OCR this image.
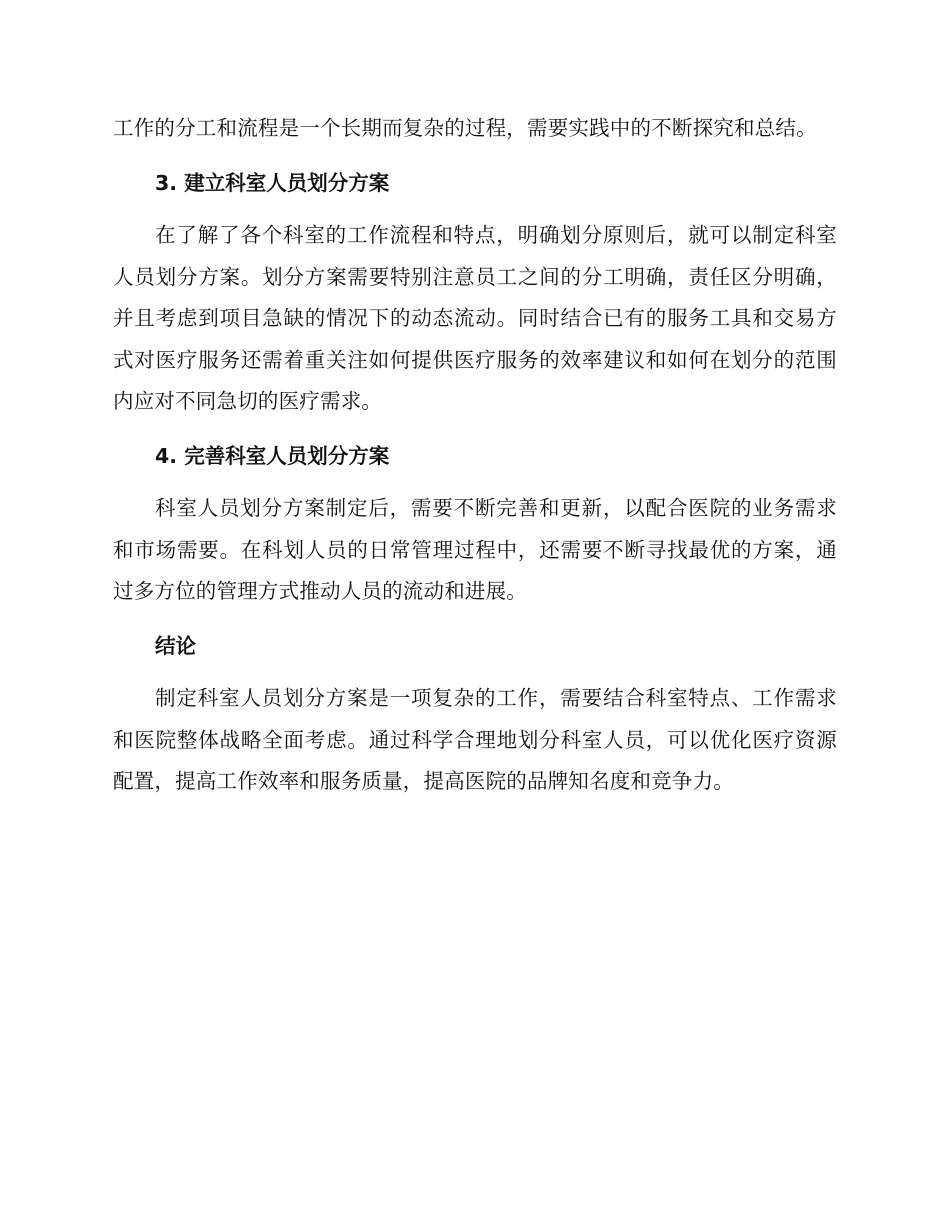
工作的分工和流程是一个长期而复杂的过程，需要实践中的不断探究和总结。

3. 建立科室人员划分方案

在了解了各个科室的工作流程和特点，明确划分原则后，就可以制定科室人员划分方案。划分方案需要特别注意员工之间的分工明确，责任区分明确，并且考虑到项目急缺的情况下的动态流动。同时结合已有的服务工具和交易方式对医疗服务还需着重关注如何提供医疗服务的效率建议和如何在划分的范围内应对不同急切的医疗需求。

4. 完善科室人员划分方案

科室人员划分方案制定后，需要不断完善和更新，以配合医院的业务需求和市场需要。在科划人员的日常管理过程中，还需要不断寻找最优的方案，通过多方位的管理方式推动人员的流动和进展。

结论

制定科室人员划分方案是一项复杂的工作，需要结合科室特点、工作需求和医院整体战略全面考虑。通过科学合理地划分科室人员，可以优化医疗资源配置，提高工作效率和服务质量，提高医院的品牌知名度和竞争力。
